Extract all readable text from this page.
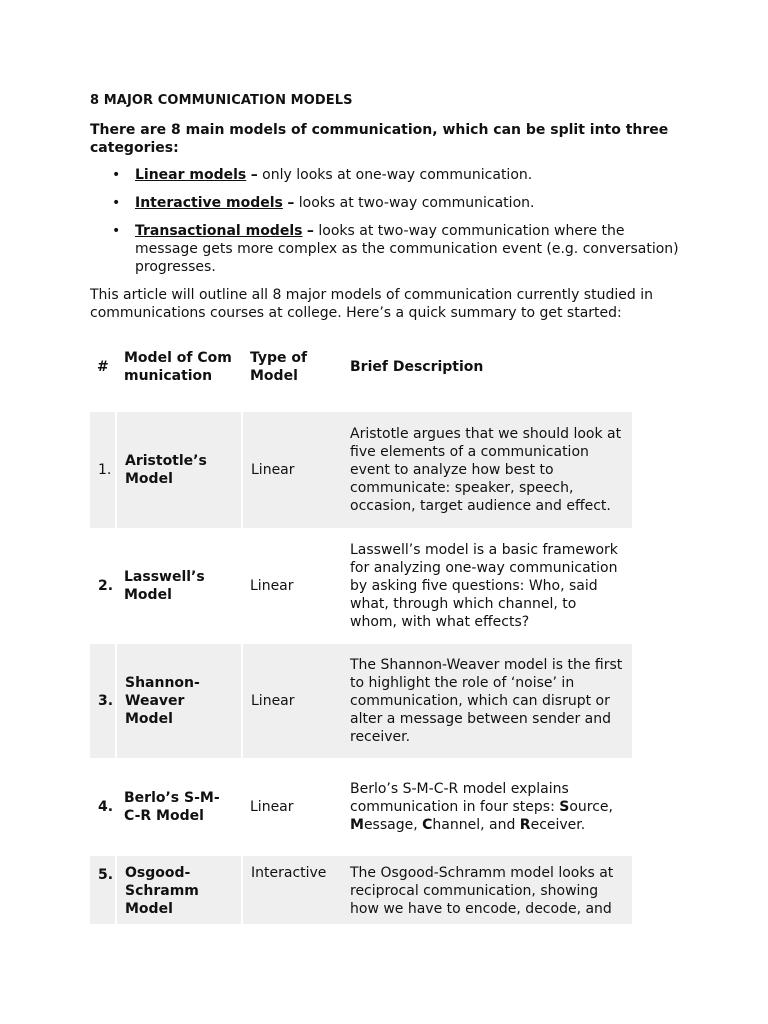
8 MAJOR COMMUNICATION MODELS
There are 8 main models of communication, which can be split into three categories:
• Linear models – only looks at one-way communication.
• Interactive models – looks at two-way communication.
• Transactional models – looks at two-way communication where the message gets more complex as the communication event (e.g. conversation) progresses.
This article will outline all 8 major models of communication currently studied in communications courses at college. Here’s a quick summary to get started:
#	Model of Communication	Type of Model	Brief Description

1.	Aristotle’s Model	Linear	Aristotle argues that we should look at five elements of a communication event to analyze how best to communicate: speaker, speech, occasion, target audience and effect.
2.	Lasswell’s Model	Linear	Lasswell’s model is a basic framework for analyzing one-way communication by asking five questions: Who, said what, through which channel, to whom, with what effects?
3.	Shannon-Weaver Model	Linear	The Shannon-Weaver model is the first to highlight the role of ‘noise’ in communication, which can disrupt or alter a message between sender and receiver.
4.	Berlo’s S-M-C-R Model	Linear	Berlo’s S-M-C-R model explains communication in four steps: Source, Message, Channel, and Receiver.
5.	Osgood-Schramm Model	Interactive	The Osgood-Schramm model looks at reciprocal communication, showing how we have to encode, decode, and
